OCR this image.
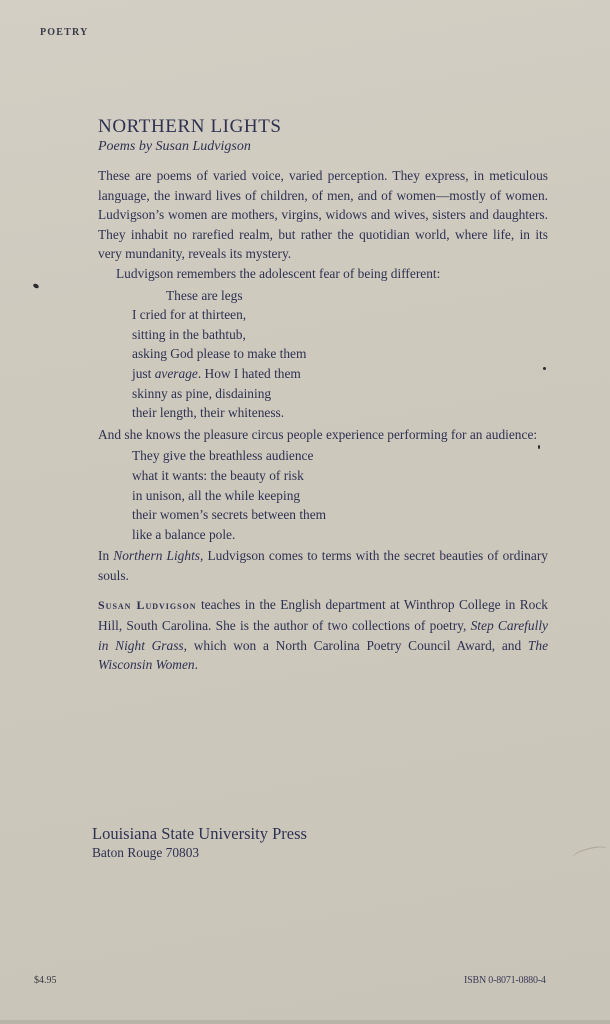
POETRY
NORTHERN LIGHTS
Poems by Susan Ludvigson

These are poems of varied voice, varied perception. They express, in meticulous language, the inward lives of children, of men, and of women—mostly of women. Ludvigson’s women are mothers, virgins, widows and wives, sisters and daughters. They inhabit no rarefied realm, but rather the quotidian world, where life, in its very mundanity, reveals its mystery.

Ludvigson remembers the adolescent fear of being different:

These are legs
I cried for at thirteen,
sitting in the bathtub,
asking God please to make them
just average. How I hated them
skinny as pine, disdaining
their length, their whiteness.

And she knows the pleasure circus people experience performing for an audience:

They give the breathless audience
what it wants: the beauty of risk
in unison, all the while keeping
their women’s secrets between them
like a balance pole.

In Northern Lights, Ludvigson comes to terms with the secret beauties of ordinary souls.

Susan Ludvigson teaches in the English department at Winthrop College in Rock Hill, South Carolina. She is the author of two collections of poetry, Step Carefully in Night Grass, which won a North Carolina Poetry Council Award, and The Wisconsin Women.

Louisiana State University Press
Baton Rouge 70803
$4.95	ISBN 0-8071-0880-4
